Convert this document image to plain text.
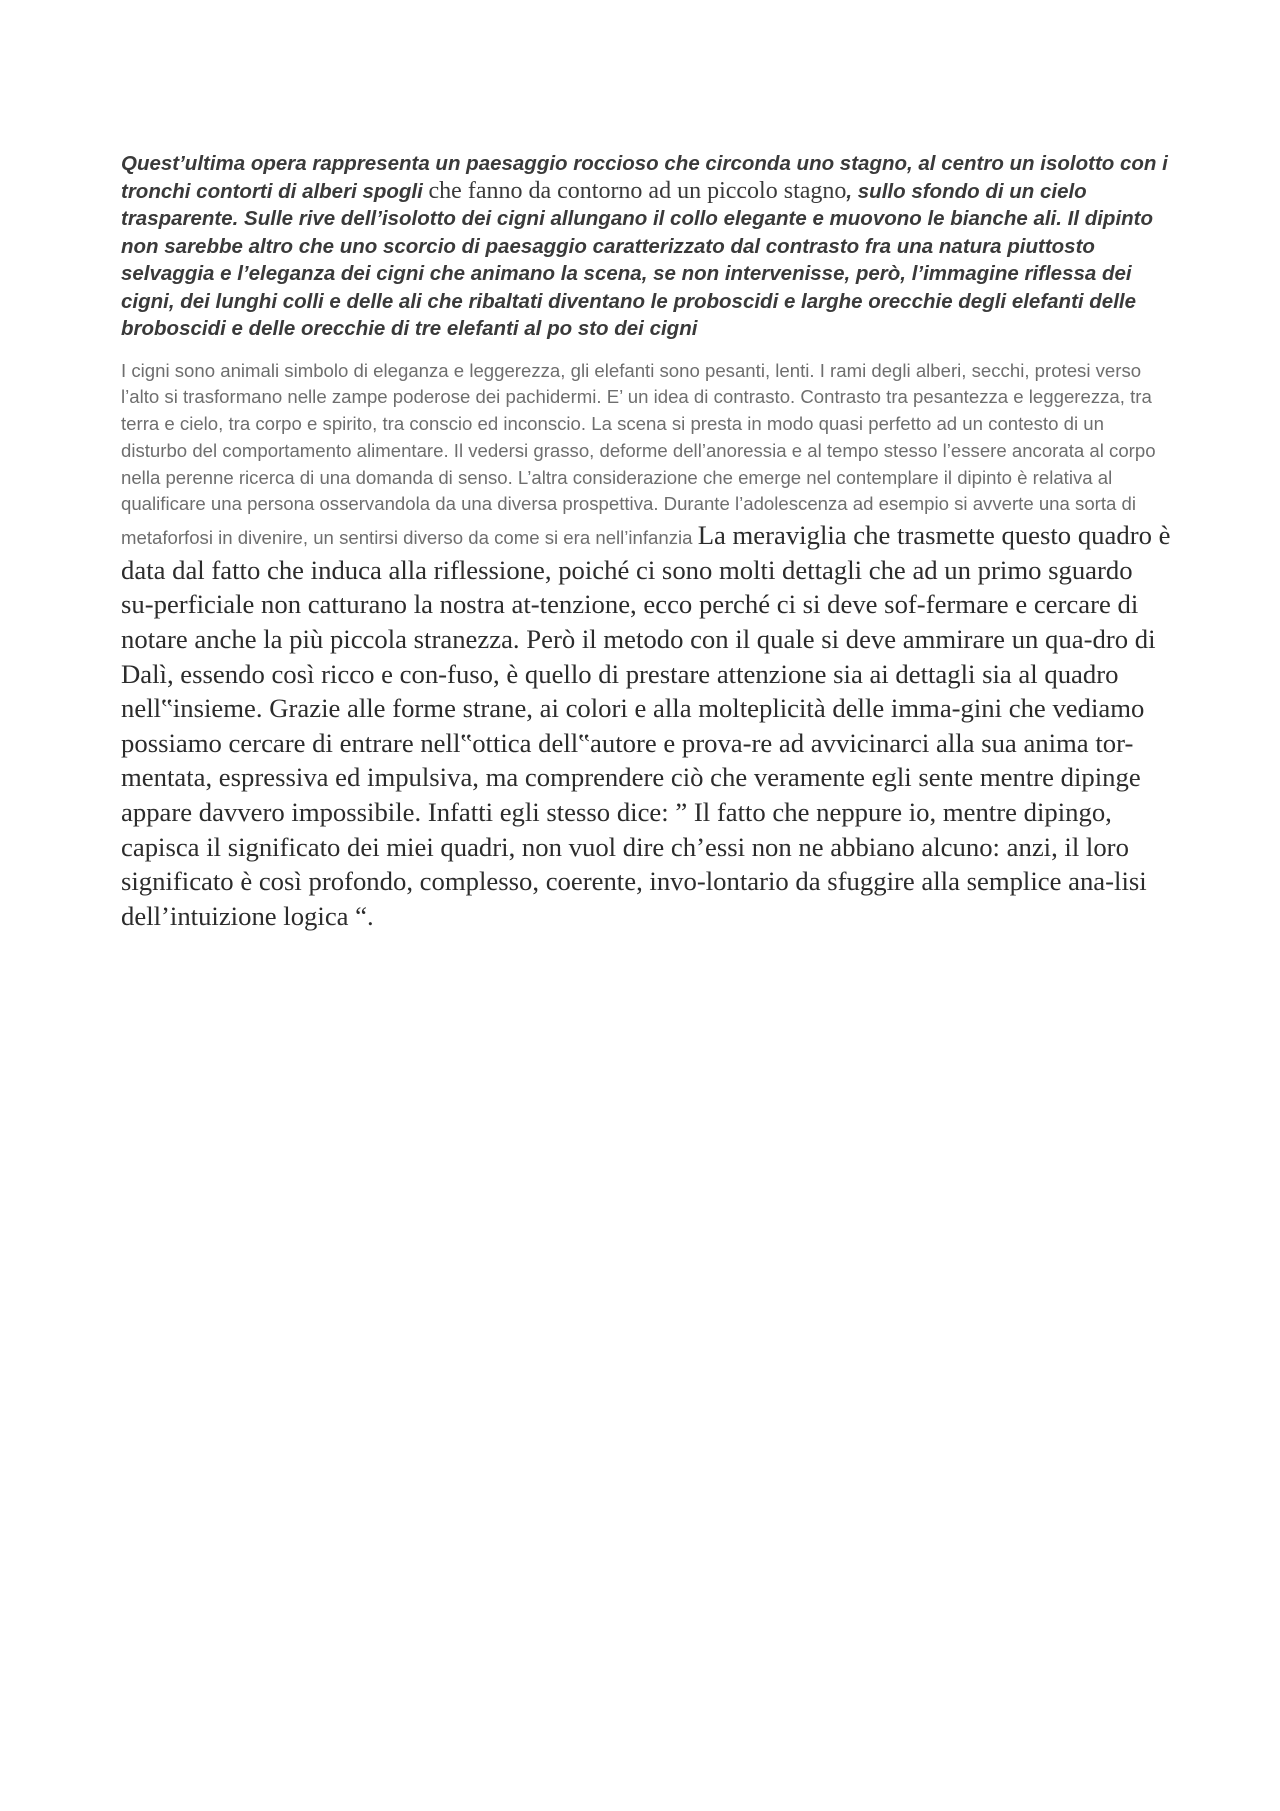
Quest’ultima opera rappresenta un paesaggio roccioso che circonda uno stagno, al centro un isolotto con i tronchi contorti di alberi spogli che fanno da contorno ad un piccolo stagno, sullo sfondo di un cielo trasparente. Sulle rive dell’isolotto dei cigni allungano il collo elegante e muovono le bianche ali. Il dipinto non sarebbe altro che uno scorcio di paesaggio caratterizzato dal contrasto fra una natura piuttosto selvaggia e l’eleganza dei cigni che animano la scena, se non intervenisse, però, l’immagine riflessa dei cigni, dei lunghi colli e delle ali che ribaltati diventano le proboscidi e larghe orecchie degli elefanti delle broboscidi e delle orecchie di tre elefanti al po sto dei cigni

I cigni sono animali simbolo di eleganza e leggerezza, gli elefanti sono pesanti, lenti. I rami degli alberi, secchi, protesi verso l’alto si trasformano nelle zampe poderose dei pachidermi. E’ un idea di contrasto. Contrasto tra pesantezza e leggerezza, tra terra e cielo, tra corpo e spirito, tra conscio ed inconscio. La scena si presta in modo quasi perfetto ad un contesto di un disturbo del comportamento alimentare. Il vedersi grasso, deforme dell’anoressia e al tempo stesso l’essere ancorata al corpo nella perenne ricerca di una domanda di senso. L’altra considerazione che emerge nel contemplare il dipinto è relativa al qualificare una persona osservandola da una diversa prospettiva. Durante l’adolescenza ad esempio si avverte una sorta di metaforfosi in divenire, un sentirsi diverso da come si era nell’infanzia La meraviglia che trasmette questo quadro è data dal fatto che induca alla riflessione, poiché ci sono molti dettagli che ad un primo sguardo su-perficiale non catturano la nostra at-tenzione, ecco perché ci si deve sof-fermare e cercare di notare anche la più piccola stranezza. Però il metodo con il quale si deve ammirare un qua-dro di Dalì, essendo così ricco e con-fuso, è quello di prestare attenzione sia ai dettagli sia al quadro nell‟insieme. Grazie alle forme strane, ai colori e alla molteplicità delle imma-gini che vediamo possiamo cercare di entrare nell‟ottica dell‟autore e prova-re ad avvicinarci alla sua anima tor-mentata, espressiva ed impulsiva, ma comprendere ciò che veramente egli sente mentre dipinge appare davvero impossibile. Infatti egli stesso dice: ” Il fatto che neppure io, mentre dipingo, capisca il significato dei miei quadri, non vuol dire ch’essi non ne abbiano alcuno: anzi, il loro significato è così profondo, complesso, coerente, invo-lontario da sfuggire alla semplice ana-lisi dell’intuizione logica “.
